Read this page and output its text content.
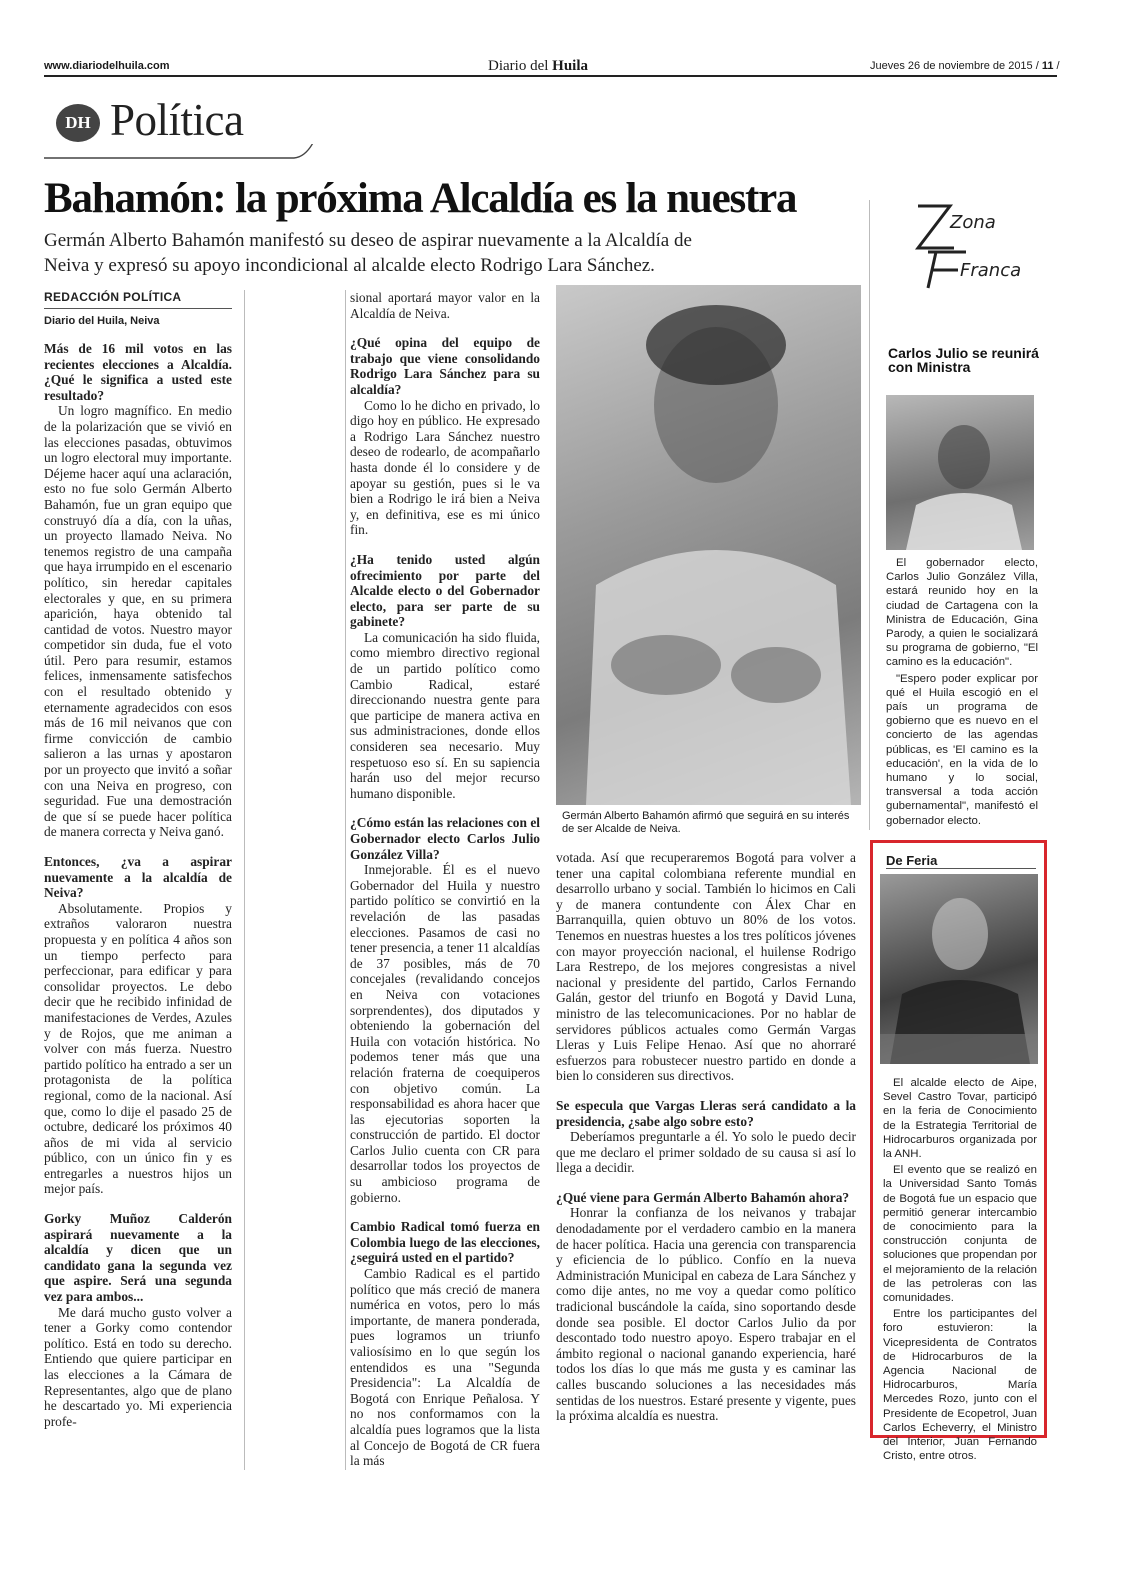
www.diariodelhuila.com	Diario del Huila	Jueves 26 de noviembre de 2015 / 11 /
DH Política
Bahamón: la próxima Alcaldía es la nuestra
Germán Alberto Bahamón manifestó su deseo de aspirar nuevamente a la Alcaldía de Neiva y expresó su apoyo incondicional al alcalde electo Rodrigo Lara Sánchez.
REDACCIÓN POLÍTICA
Diario del Huila, Neiva

Más de 16 mil votos en las recientes elecciones a Alcaldía. ¿Qué le significa a usted este resultado?

Un logro magnífico. En medio de la polarización que se vivió en las elecciones pasadas, obtuvimos un logro electoral muy importante. Déjeme hacer aquí una aclaración, esto no fue solo Germán Alberto Bahamón, fue un gran equipo que construyó día a día, con la uñas, un proyecto llamado Neiva. No tenemos registro de una campaña que haya irrumpido en el escenario político, sin heredar capitales electorales y que, en su primera aparición, haya obtenido tal cantidad de votos. Nuestro mayor competidor sin duda, fue el voto útil. Pero para resumir, estamos felices, inmensamente satisfechos con el resultado obtenido y eternamente agradecidos con esos más de 16 mil neivanos que con firme convicción de cambio salieron a las urnas y apostaron por un proyecto que invitó a soñar con una Neiva en progreso, con seguridad. Fue una demostración de que sí se puede hacer política de manera correcta y Neiva ganó.

Entonces, ¿va a aspirar nuevamente a la alcaldía de Neiva?

Absolutamente. Propios y extraños valoraron nuestra propuesta y en política 4 años son un tiempo perfecto para perfeccionar, para edificar y para consolidar proyectos. Le debo decir que he recibido infinidad de manifestaciones de Verdes, Azules y de Rojos, que me animan a volver con más fuerza. Nuestro partido político ha entrado a ser un protagonista de la política regional, como de la nacional. Así que, como lo dije el pasado 25 de octubre, dedicaré los próximos 40 años de mi vida al servicio público, con un único fin y es entregarles a nuestros hijos un mejor país.

Gorky Muñoz Calderón aspirará nuevamente a la alcaldía y dicen que un candidato gana la segunda vez que aspire. Será una segunda vez para ambos...

Me dará mucho gusto volver a tener a Gorky como contendor político. Está en todo su derecho. Entiendo que quiere participar en las elecciones a la Cámara de Representantes, algo que de plano he descartado yo. Mi experiencia profe-

sional aportará mayor valor en la Alcaldía de Neiva.

¿Qué opina del equipo de trabajo que viene consolidando Rodrigo Lara Sánchez para su alcaldía?

Como lo he dicho en privado, lo digo hoy en público. He expresado a Rodrigo Lara Sánchez nuestro deseo de rodearlo, de acompañarlo hasta donde él lo considere y de apoyar su gestión, pues si le va bien a Rodrigo le irá bien a Neiva y, en definitiva, ese es mi único fin.

¿Ha tenido usted algún ofrecimiento por parte del Alcalde electo o del Gobernador electo, para ser parte de su gabinete?

La comunicación ha sido fluida, como miembro directivo regional de un partido político como Cambio Radical, estaré direccionando nuestra gente para que participe de manera activa en sus administraciones, donde ellos consideren sea necesario. Muy respetuoso eso sí. En su sapiencia harán uso del mejor recurso humano disponible.

¿Cómo están las relaciones con el Gobernador electo Carlos Julio González Villa?

Inmejorable. Él es el nuevo Gobernador del Huila y nuestro partido político se convirtió en la revelación de las pasadas elecciones. Pasamos de casi no tener presencia, a tener 11 alcaldías de 37 posibles, más de 70 concejales (revalidando concejos en Neiva con votaciones sorprendentes), dos diputados y obteniendo la gobernación del Huila con votación histórica. No podemos tener más que una relación fraterna de coequiperos con objetivo común. La responsabilidad es ahora hacer que las ejecutorias soporten la construcción de partido. El doctor Carlos Julio cuenta con CR para desarrollar todos los proyectos de su ambicioso programa de gobierno.

Cambio Radical tomó fuerza en Colombia luego de las elecciones, ¿seguirá usted en el partido?

Cambio Radical es el partido político que más creció de manera numérica en votos, pero lo más importante, de manera ponderada, pues logramos un triunfo valiosísimo en lo que según los entendidos es una "Segunda Presidencia": La Alcaldía de Bogotá con Enrique Peñalosa. Y no nos conformamos con la alcaldía pues logramos que la lista al Concejo de Bogotá de CR fuera la más

votada. Así que recuperaremos Bogotá para volver a tener una capital colombiana referente mundial en desarrollo urbano y social. También lo hicimos en Cali y de manera contundente con Álex Char en Barranquilla, quien obtuvo un 80% de los votos. Tenemos en nuestras huestes a los tres políticos jóvenes con mayor proyección nacional, el huilense Rodrigo Lara Restrepo, de los mejores congresistas a nivel nacional y presidente del partido, Carlos Fernando Galán, gestor del triunfo en Bogotá y David Luna, ministro de las telecomunicaciones. Por no hablar de servidores públicos actuales como Germán Vargas Lleras y Luis Felipe Henao. Así que no ahorraré esfuerzos para robustecer nuestro partido en donde a bien lo consideren sus directivos.

Se especula que Vargas Lleras será candidato a la presidencia, ¿sabe algo sobre esto?

Deberíamos preguntarle a él. Yo solo le puedo decir que me declaro el primer soldado de su causa si así lo llega a decidir.

¿Qué viene para Germán Alberto Bahamón ahora?

Honrar la confianza de los neivanos y trabajar denodadamente por el verdadero cambio en la manera de hacer política. Hacia una gerencia con transparencia y eficiencia de lo público. Confío en la nueva Administración Municipal en cabeza de Lara Sánchez y como dije antes, no me voy a quedar como político tradicional buscándole la caída, sino soportando desde donde sea posible. El doctor Carlos Julio da por descontado todo nuestro apoyo. Espero trabajar en el ámbito regional o nacional ganando experiencia, haré todos los días lo que más me gusta y es caminar las calles buscando soluciones a las necesidades más sentidas de los nuestros. Estaré presente y vigente, pues la próxima alcaldía es nuestra.

Germán Alberto Bahamón afirmó que seguirá en su interés de ser Alcalde de Neiva.
Zona
Franca
Carlos Julio se reunirá con Ministra

El gobernador electo, Carlos Julio González Villa, estará reunido hoy en la ciudad de Cartagena con la Ministra de Educación, Gina Parody, a quien le socializará su programa de gobierno, "El camino es la educación".

"Espero poder explicar por qué el Huila escogió en el país un programa de gobierno que es nuevo en el concierto de las agendas públicas, es 'El camino es la educación', en la vida de lo humano y lo social, transversal a toda acción gubernamental", manifestó el gobernador electo.

De Feria

El alcalde electo de Aipe, Sevel Castro Tovar, participó en la feria de Conocimiento de la Estrategia Territorial de Hidrocarburos organizada por la ANH.

El evento que se realizó en la Universidad Santo Tomás de Bogotá fue un espacio que permitió generar intercambio de conocimiento para la construcción conjunta de soluciones que propendan por el mejoramiento de la relación de las petroleras con las comunidades.

Entre los participantes del foro estuvieron: la Vicepresidenta de Contratos de Hidrocarburos de la Agencia Nacional de Hidrocarburos, María Mercedes Rozo, junto con el Presidente de Ecopetrol, Juan Carlos Echeverry, el Ministro del Interior, Juan Fernando Cristo, entre otros.
